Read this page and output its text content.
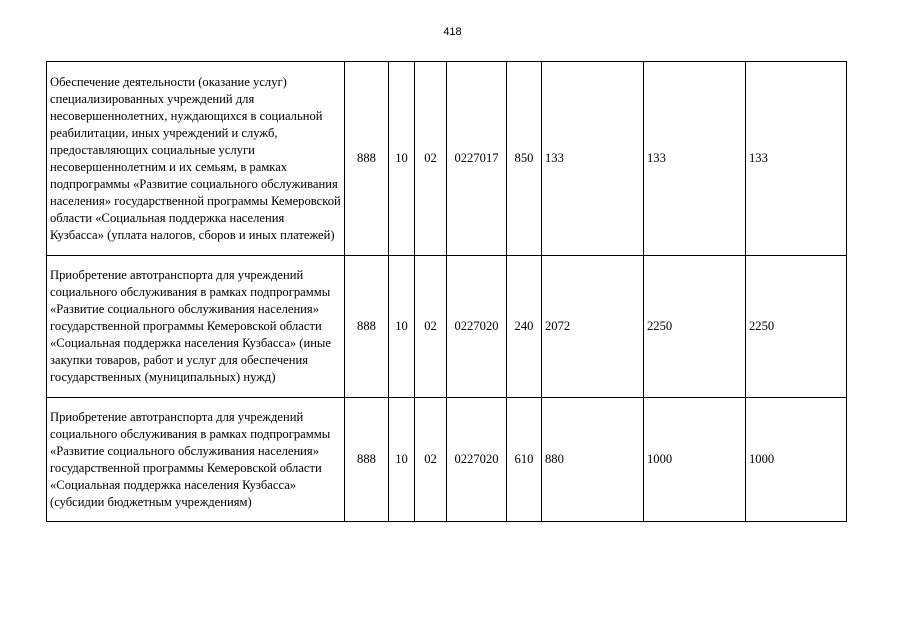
418
Обеспечение деятельности (оказание услуг) специализированных учреждений для несовершеннолетних, нуждающихся в социальной реабилитации, иных учреждений и служб, предоставляющих социальные услуги несовершеннолетним и их семьям, в рамках подпрограммы «Развитие социального обслуживания населения» государственной программы Кемеровской области «Социальная поддержка населения Кузбасса» (уплата налогов, сборов и иных платежей)	888	10	02	0227017	850	133	133	133
Приобретение автотранспорта для учреждений социального обслуживания в рамках подпрограммы «Развитие социального обслуживания населения» государственной программы Кемеровской области «Социальная поддержка населения Кузбасса» (иные закупки товаров, работ и услуг для обеспечения государственных (муниципальных) нужд)	888	10	02	0227020	240	2072	2250	2250
Приобретение автотранспорта для учреждений социального обслуживания в рамках подпрограммы «Развитие социального обслуживания населения» государственной программы Кемеровской области «Социальная поддержка населения Кузбасса» (субсидии бюджетным учреждениям)	888	10	02	0227020	610	880	1000	1000
